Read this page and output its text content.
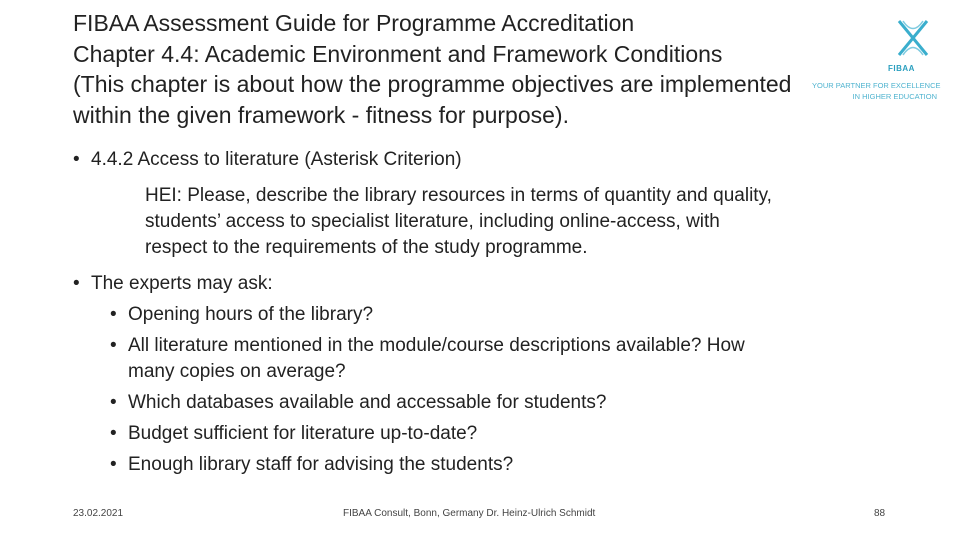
FIBAA Assessment Guide for Programme Accreditation
Chapter 4.4: Academic Environment and Framework Conditions
(This chapter is about how the programme objectives are implemented
within the given framework - fitness for purpose).
FIBAA
YOUR PARTNER FOR EXCELLENCE
IN HIGHER EDUCATION
• 4.4.2 Access to literature (Asterisk Criterion)
HEI: Please, describe the library resources in terms of quantity and quality,
students’ access to specialist literature, including online-access, with
respect to the requirements of the study programme.
• The experts may ask:
• Opening hours of the library?
• All literature mentioned in the module/course descriptions available? How
many copies on average?
• Which databases available and accessable for students?
• Budget sufficient for literature up-to-date?
• Enough library staff for advising the students?
23.02.2021	FIBAA Consult, Bonn, Germany Dr. Heinz-Ulrich Schmidt	88
